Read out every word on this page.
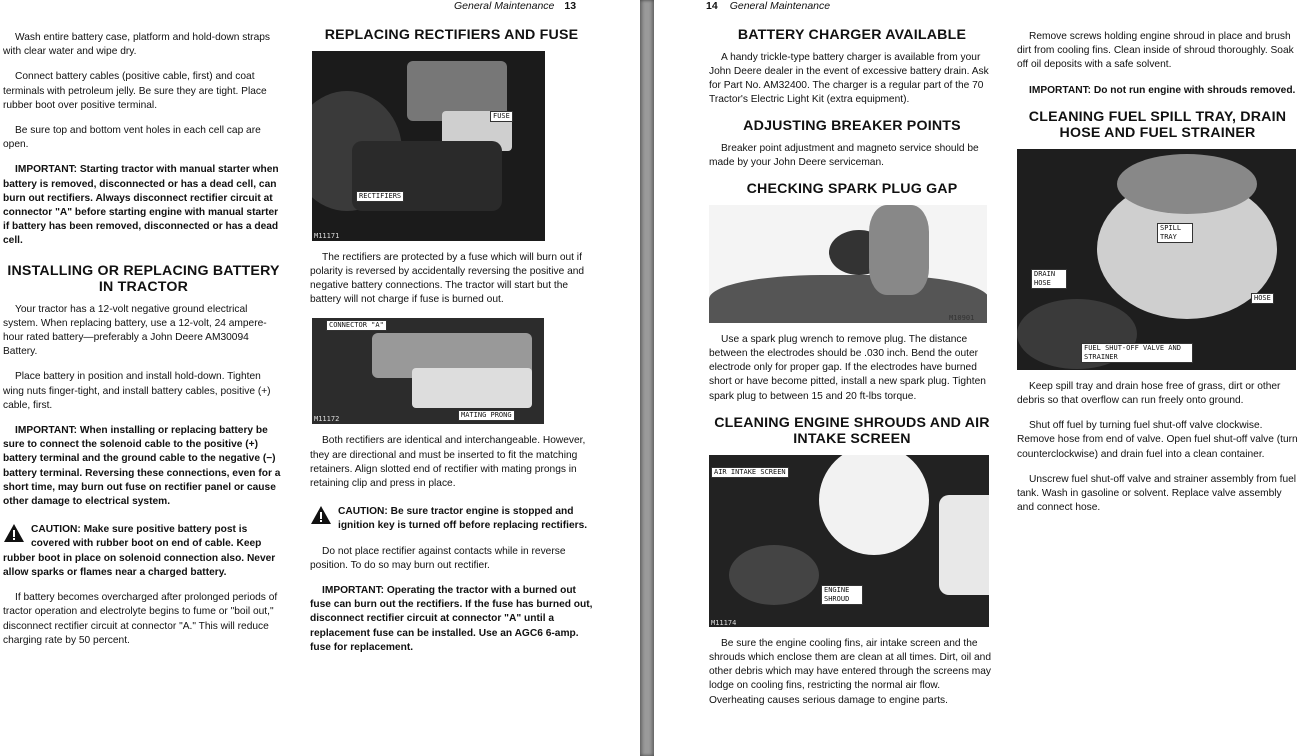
General Maintenance 13

Wash entire battery case, platform and hold-down straps with clear water and wipe dry.

Connect battery cables (positive cable, first) and coat terminals with petroleum jelly. Be sure they are tight. Place rubber boot over positive terminal.

Be sure top and bottom vent holes in each cell cap are open.

IMPORTANT: Starting tractor with manual starter when battery is removed, disconnected or has a dead cell, can burn out rectifiers. Always disconnect rectifier circuit at connector "A" before starting engine with manual starter if battery has been removed, disconnected or has a dead cell.

INSTALLING OR REPLACING BATTERY IN TRACTOR

Your tractor has a 12-volt negative ground electrical system. When replacing battery, use a 12-volt, 24 ampere-hour rated battery—preferably a John Deere AM30094 Battery.

Place battery in position and install hold-down. Tighten wing nuts finger-tight, and install battery cables, positive (+) cable, first.

IMPORTANT: When installing or replacing battery be sure to connect the solenoid cable to the positive (+) battery terminal and the ground cable to the negative (−) battery terminal. Reversing these connections, even for a short time, may burn out fuse on rectifier panel or cause other damage to electrical system.

CAUTION: Make sure positive battery post is covered with rubber boot on end of cable. Keep rubber boot in place on solenoid connection also. Never allow sparks or flames near a charged battery.

If battery becomes overcharged after prolonged periods of tractor operation and electrolyte begins to fume or "boil out," disconnect rectifier circuit at connector "A." This will reduce charging rate by 50 percent.

REPLACING RECTIFIERS AND FUSE
FUSE
RECTIFIERS
M11171

The rectifiers are protected by a fuse which will burn out if polarity is reversed by accidentally reversing the positive and negative battery connections. The tractor will start but the battery will not charge if fuse is burned out.

CONNECTOR "A"
MATING PRONG
M11172

Both rectifiers are identical and interchangeable. However, they are directional and must be inserted to fit the matching retainers. Align slotted end of rectifier with mating prongs in retaining clip and press in place.

CAUTION: Be sure tractor engine is stopped and ignition key is turned off before replacing rectifiers.

Do not place rectifier against contacts while in reverse position. To do so may burn out rectifier.

IMPORTANT: Operating the tractor with a burned out fuse can burn out the rectifiers. If the fuse has burned out, disconnect rectifier circuit at connector "A" until a replacement fuse can be installed. Use an AGC6 6-amp. fuse for replacement.

14 General Maintenance
BATTERY CHARGER AVAILABLE

A handy trickle-type battery charger is available from your John Deere dealer in the event of excessive battery drain. Ask for Part No. AM32400. The charger is a regular part of the 70 Tractor's Electric Light Kit (extra equipment).

ADJUSTING BREAKER POINTS

Breaker point adjustment and magneto service should be made by your John Deere serviceman.

CHECKING SPARK PLUG GAP
M10901

Use a spark plug wrench to remove plug. The distance between the electrodes should be .030 inch. Bend the outer electrode only for proper gap. If the electrodes have burned short or have become pitted, install a new spark plug. Tighten spark plug to between 15 and 20 ft-lbs torque.

CLEANING ENGINE SHROUDS AND AIR INTAKE SCREEN
AIR INTAKE SCREEN
ENGINE SHROUD
M11174

Be sure the engine cooling fins, air intake screen and the shrouds which enclose them are clean at all times. Dirt, oil and other debris which may have entered through the screens may lodge on cooling fins, restricting the normal air flow. Overheating causes serious damage to engine parts.

Remove screws holding engine shroud in place and brush dirt from cooling fins. Clean inside of shroud thoroughly. Soak off oil deposits with a safe solvent.

IMPORTANT: Do not run engine with shrouds removed.

CLEANING FUEL SPILL TRAY, DRAIN HOSE AND FUEL STRAINER
SPILL TRAY
DRAIN HOSE
HOSE
FUEL SHUT-OFF VALVE AND STRAINER

Keep spill tray and drain hose free of grass, dirt or other debris so that overflow can run freely onto ground.

Shut off fuel by turning fuel shut-off valve clockwise. Remove hose from end of valve. Open fuel shut-off valve (turn counterclockwise) and drain fuel into a clean container.

Unscrew fuel shut-off valve and strainer assembly from fuel tank. Wash in gasoline or solvent. Replace valve assembly and connect hose.
